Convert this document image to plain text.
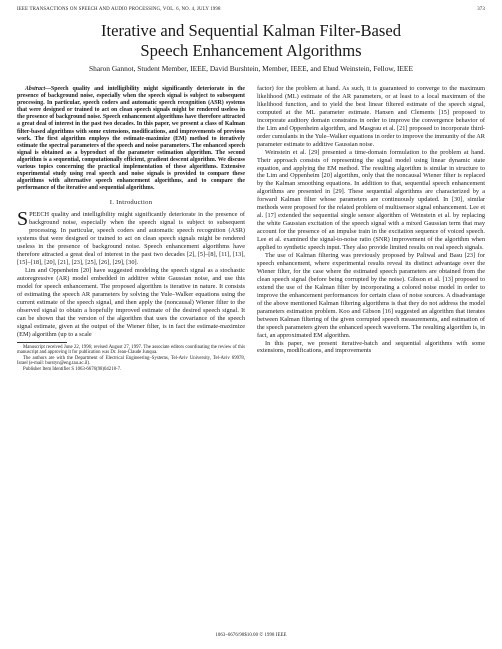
IEEE TRANSACTIONS ON SPEECH AND AUDIO PROCESSING, VOL. 6, NO. 4, JULY 1998	373
Iterative and Sequential Kalman Filter-Based
Speech Enhancement Algorithms
Sharon Gannot, Student Member, IEEE, David Burshtein, Member, IEEE, and Ehud Weinstein, Fellow, IEEE

Abstract—Speech quality and intelligibility might significantly deteriorate in the presence of background noise, especially when the speech signal is subject to subsequent processing. In particular, speech coders and automatic speech recognition (ASR) systems that were designed or trained to act on clean speech signals might be rendered useless in the presence of background noise. Speech enhancement algorithms have therefore attracted a great deal of interest in the past two decades. In this paper, we present a class of Kalman filter-based algorithms with some extensions, modifications, and improvements of previous work. The first algorithm employs the estimate-maximize (EM) method to iteratively estimate the spectral parameters of the speech and noise parameters. The enhanced speech signal is obtained as a byproduct of the parameter estimation algorithm. The second algorithm is a sequential, computationally efficient, gradient descent algorithm. We discuss various topics concerning the practical implementation of these algorithms. Extensive experimental study using real speech and noise signals is provided to compare these algorithms with alternative speech enhancement algorithms, and to compare the performance of the iterative and sequential algorithms.

I. Introduction

SPEECH quality and intelligibility might significantly deteriorate in the presence of background noise, especially when the speech signal is subject to subsequent processing. In particular, speech coders and automatic speech recognition (ASR) systems that were designed or trained to act on clean speech signals might be rendered useless in the presence of background noise. Speech enhancement algorithms have therefore attracted a great deal of interest in the past two decades [2], [5]–[8], [11], [13], [15]–[18], [20], [21], [23], [25], [26], [29], [30].

Lim and Oppenheim [20] have suggested modeling the speech signal as a stochastic autoregressive (AR) model embedded in additive white Gaussian noise, and use this model for speech enhancement. The proposed algorithm is iterative in nature. It consists of estimating the speech AR parameters by solving the Yule–Walker equations using the current estimate of the speech signal, and then apply the (noncausal) Wiener filter to the observed signal to obtain a hopefully improved estimate of the desired speech signal. It can be shown that the version of the algorithm that uses the covariance of the speech signal estimate, given at the output of the Wiener filter, is in fact the estimate-maximize (EM) algorithm (up to a scale

Manuscript received June 22, 1996; revised August 27, 1997. The associate editors coordinating the review of this manuscript and approving it for publication was Dr. Jean-Claude Junqua.

The authors are with the Department of Electrical Engineering–Systems, Tel-Aviv University, Tel-Aviv 69978, Israel (e-mail: burstyn@eng.tau.ac.il).

Publisher Item Identifier S 1063-6676(98)04218-7.

factor) for the problem at hand. As such, it is guaranteed to converge to the maximum likelihood (ML) estimate of the AR parameters, or at least to a local maximum of the likelihood function, and to yield the best linear filtered estimate of the speech signal, computed at the ML parameter estimate. Hansen and Clements [15] proposed to incorporate auditory domain constrains in order to improve the convergence behavior of the Lim and Oppenheim algorithm, and Masgrau et al. [21] proposed to incorporate third-order cumulants in the Yule–Walker equations in order to improve the immunity of the AR parameter estimate to additive Gaussian noise.

Weinstein et al. [29] presented a time-domain formulation to the problem at hand. Their approach consists of representing the signal model using linear dynamic state equation, and applying the EM method. The resulting algorithm is similar in structure to the Lim and Oppenheim [20] algorithm, only that the noncausal Wiener filter is replaced by the Kalman smoothing equations. In addition to that, sequential speech enhancement algorithms are presented in [29]. These sequential algorithms are characterized by a forward Kalman filter whose parameters are continuously updated. In [30], similar methods were proposed for the related problem of multisensor signal enhancement. Lee et al. [17] extended the sequential single sensor algorithm of Weinstein et al. by replacing the white Gaussian excitation of the speech signal with a mixed Gaussian term that may account for the presence of an impulse train in the excitation sequence of voiced speech. Lee et al. examined the signal-to-noise ratio (SNR) improvement of the algorithm when applied to synthetic speech input. They also provide limited results on real speech signals.

The use of Kalman filtering was previously proposed by Paliwal and Basu [23] for speech enhancement, where experimental results reveal its distinct advantage over the Wiener filter, for the case where the estimated speech parameters are obtained from the clean speech signal (before being corrupted by the noise). Gibson et al. [13] proposed to extend the use of the Kalman filter by incorporating a colored noise model in order to improve the enhancement performances for certain class of noise sources. A disadvantage of the above mentioned Kalman filtering algorithms is that they do not address the model parameters estimation problem. Koo and Gibson [16] suggested an algorithm that iterates between Kalman filtering of the given corrupted speech measurements, and estimation of the speech parameters given the enhanced speech waveform. The resulting algorithm is, in fact, an approximated EM algorithm.

In this paper, we present iterative-batch and sequential algorithms with some extensions, modifications, and improvements

1063–6676/98$10.00 © 1998 IEEE
